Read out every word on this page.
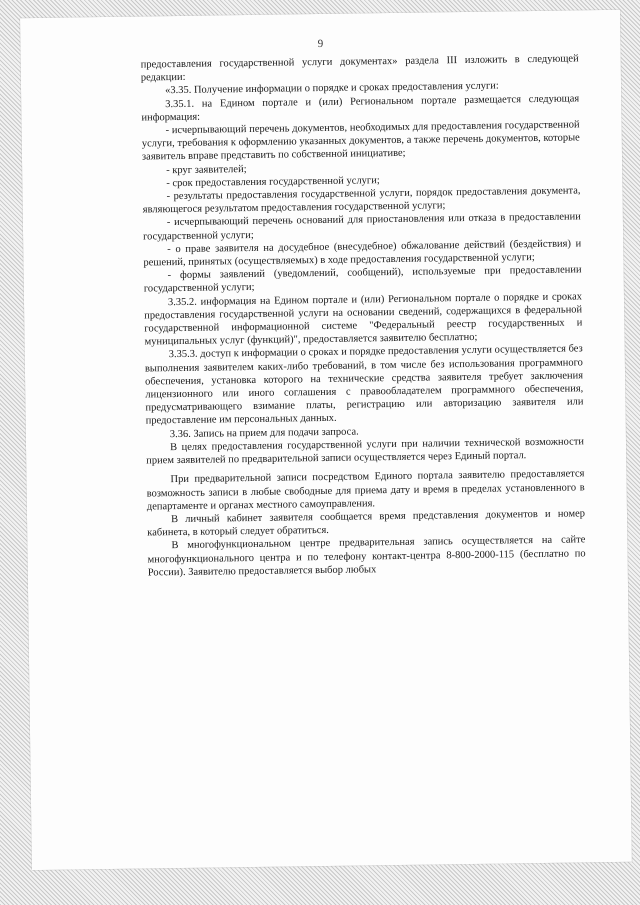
9

предоставления государственной услуги документах» раздела III изложить в следующей редакции:

«3.35. Получение информации о порядке и сроках предоставления услуги:

3.35.1. на Едином портале и (или) Региональном портале размещается следующая информация:

- исчерпывающий перечень документов, необходимых для предоставления государственной услуги, требования к оформлению указанных документов, а также перечень документов, которые заявитель вправе представить по собственной инициативе;

- круг заявителей;

- срок предоставления государственной услуги;

- результаты предоставления государственной услуги, порядок предоставления документа, являющегося результатом предоставления государственной услуги;

- исчерпывающий перечень оснований для приостановления или отказа в предоставлении государственной услуги;

- о праве заявителя на досудебное (внесудебное) обжалование действий (бездействия) и решений, принятых (осуществляемых) в ходе предоставления государственной услуги;

- формы заявлений (уведомлений, сообщений), используемые при предоставлении государственной услуги;

3.35.2. информация на Едином портале и (или) Региональном портале о порядке и сроках предоставления государственной услуги на основании сведений, содержащихся в федеральной государственной информационной системе "Федеральный реестр государственных и муниципальных услуг (функций)", предоставляется заявителю бесплатно;

3.35.3. доступ к информации о сроках и порядке предоставления услуги осуществляется без выполнения заявителем каких-либо требований, в том числе без использования программного обеспечения, установка которого на технические средства заявителя требует заключения лицензионного или иного соглашения с правообладателем программного обеспечения, предусматривающего взимание платы, регистрацию или авторизацию заявителя или предоставление им персональных данных.

3.36. Запись на прием для подачи запроса.

В целях предоставления государственной услуги при наличии технической возможности прием заявителей по предварительной записи осуществляется через Единый портал.

При предварительной записи посредством Единого портала заявителю предоставляется возможность записи в любые свободные для приема дату и время в пределах установленного в департаменте и органах местного самоуправления.

В личный кабинет заявителя сообщается время представления документов и номер кабинета, в который следует обратиться.

В многофункциональном центре предварительная запись осуществляется на сайте многофункционального центра и по телефону контакт-центра 8-800-2000-115 (бесплатно по России). Заявителю предоставляется выбор любых
